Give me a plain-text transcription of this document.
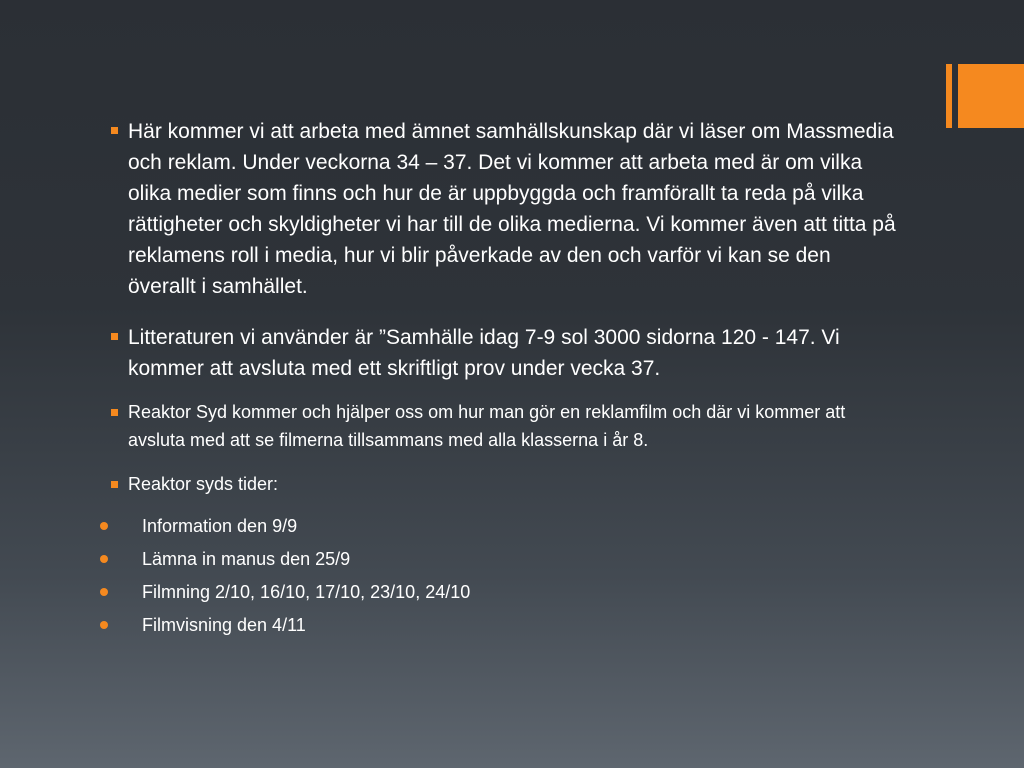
Här kommer vi att arbeta med ämnet samhällskunskap där vi läser om Massmedia och reklam. Under veckorna 34 – 37. Det vi kommer att arbeta med är om vilka olika medier som finns och hur de är uppbyggda och framförallt ta reda på vilka rättigheter och skyldigheter vi har till de olika medierna. Vi kommer även att titta på reklamens roll i media, hur vi blir påverkade av den och varför vi kan se den överallt i samhället.
Litteraturen vi använder är ”Samhälle idag 7-9 sol 3000 sidorna 120 - 147. Vi kommer att avsluta med ett skriftligt prov under vecka 37.
Reaktor Syd kommer och hjälper oss om hur man gör en reklamfilm och där vi kommer att avsluta med att se filmerna tillsammans med alla klasserna i år 8.
Reaktor syds tider:
Information den 9/9
Lämna in manus den 25/9
Filmning 2/10, 16/10, 17/10, 23/10, 24/10
Filmvisning den 4/11
